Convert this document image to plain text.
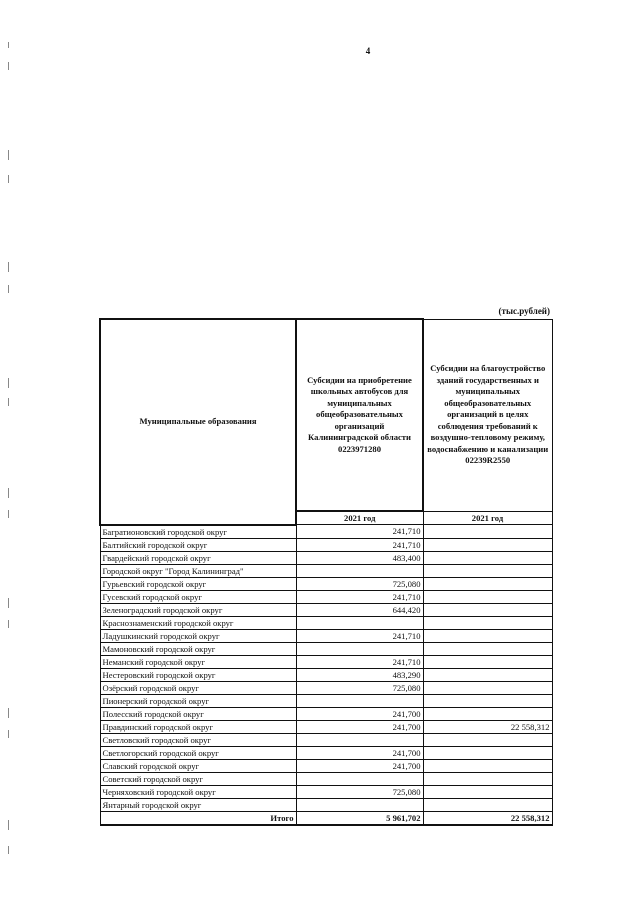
4
(тыс.рублей)
Муниципальные образования	Субсидии на приобретение школьных автобусов для муниципальных общеобразовательных организаций Калининградской области 0223971280	Субсидии на благоустройство зданий государственных и муниципальных общеобразовательных организаций в целях соблюдения требований к воздушно-тепловому режиму, водоснабжению и канализации 02239R2550
	2021 год	2021 год
Багратионовский городской округ	241,710	
Балтийский городской округ	241,710	
Гвардейский городской округ	483,400	
Городской округ "Город Калининград"		
Гурьевский городской округ	725,080	
Гусевский городской округ	241,710	
Зеленоградский городской округ	644,420	
Краснознаменский городской округ		
Ладушкинский городской округ	241,710	
Мамоновский городской округ		
Неманский городской округ	241,710	
Нестеровский городской округ	483,290	
Озёрский городской округ	725,080	
Пионерский городской округ		
Полесский городской округ	241,700	
Правдинский городской округ	241,700	22 558,312
Светловский городской округ		
Светлогорский городской округ	241,700	
Славский городской округ	241,700	
Советский городской округ		
Черняховский городской округ	725,080	
Янтарный городской округ		
Итого	5 961,702	22 558,312
